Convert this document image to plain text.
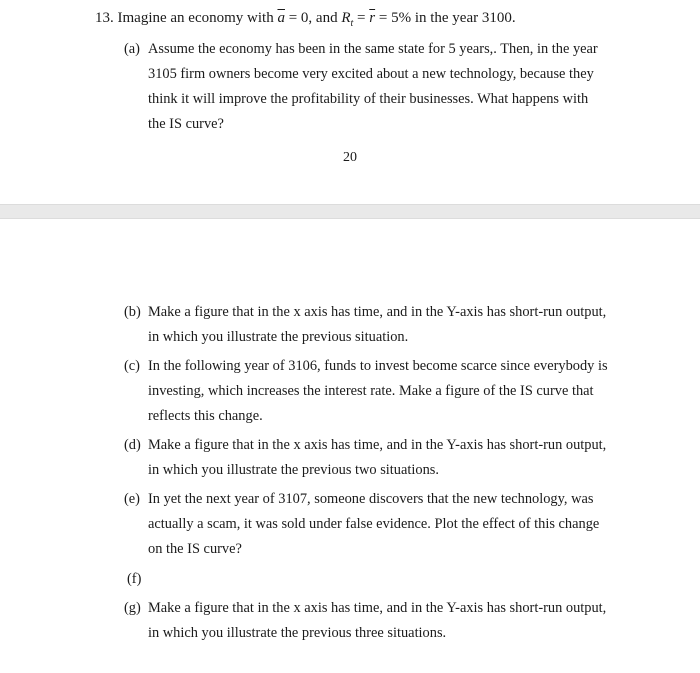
13. Imagine an economy with $\overline{a} = 0$, and $R_t = \overline{r} = 5\%$ in the year 3100.
(a) Assume the economy has been in the same state for 5 years,. Then, in the year
3105 firm owners become very excited about a new technology, because they
think it will improve the profitability of their businesses. What happens with
the IS curve?
20
(b) Make a figure that in the x axis has time, and in the Y-axis has short-run output,
in which you illustrate the previous situation.
(c) In the following year of 3106, funds to invest become scarce since everybody is
investing, which increases the interest rate. Make a figure of the IS curve that
reflects this change.
(d) Make a figure that in the x axis has time, and in the Y-axis has short-run output,
in which you illustrate the previous two situations.
(e) In yet the next year of 3107, someone discovers that the new technology, was
actually a scam, it was sold under false evidence. Plot the effect of this change
on the IS curve?
(f)
(g) Make a figure that in the x axis has time, and in the Y-axis has short-run output,
in which you illustrate the previous three situations.
